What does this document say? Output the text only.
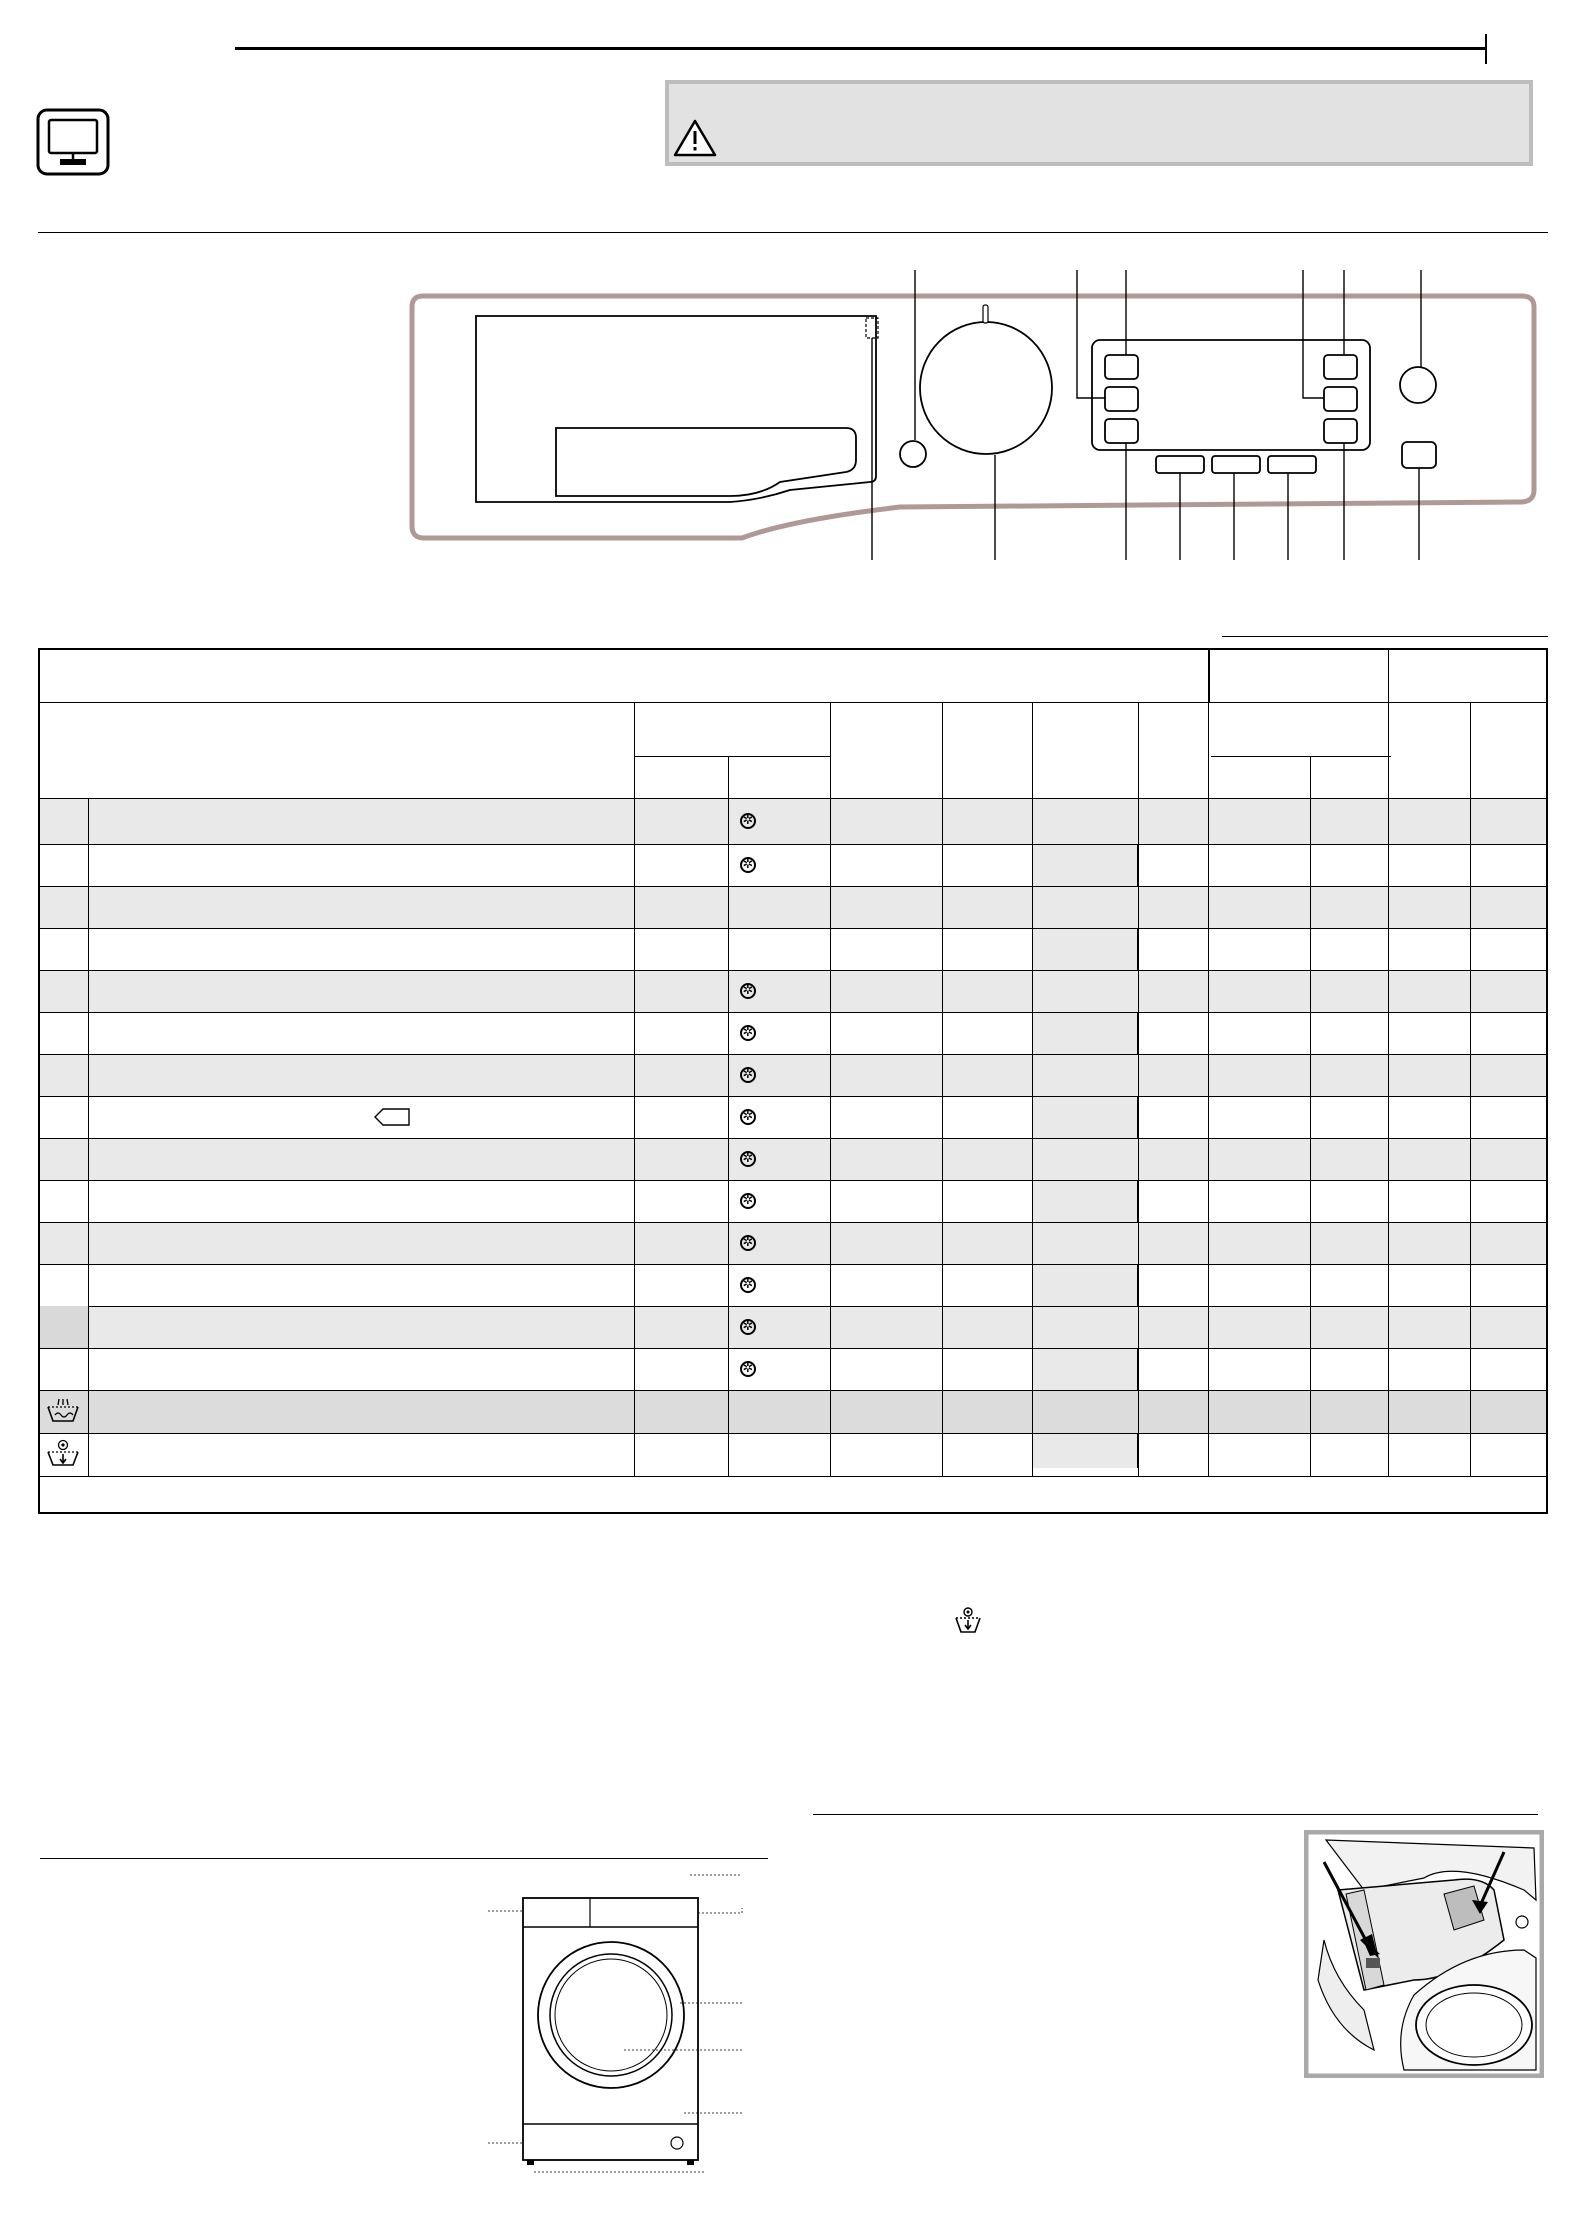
✲
✲
✲
✲
✲
✲
✲
✲
✲
✲
✲
✲
